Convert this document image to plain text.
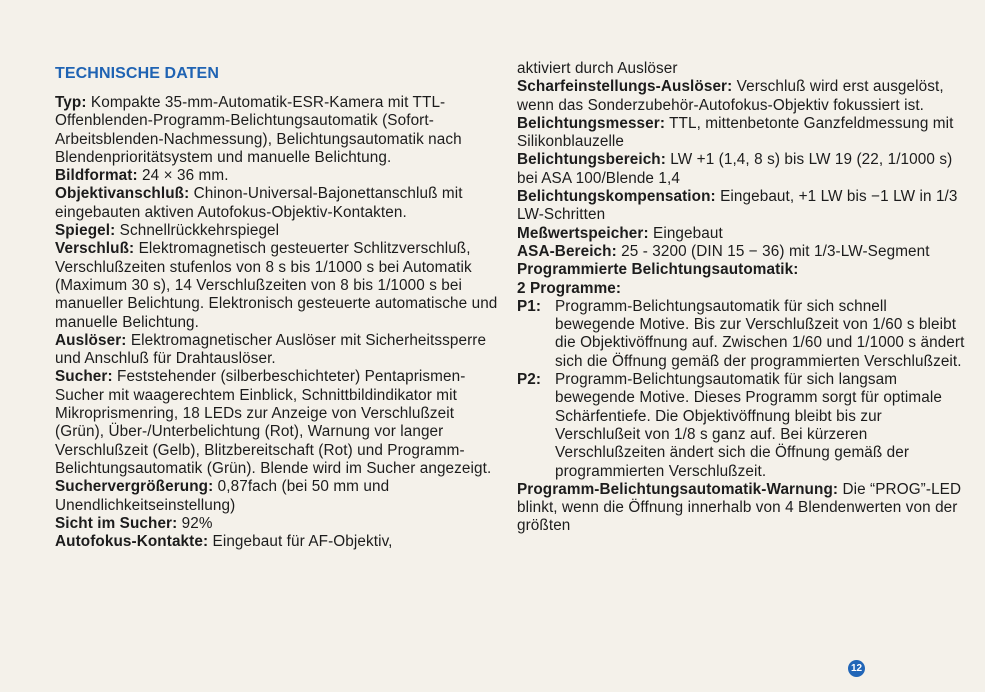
TECHNISCHE DATEN

Typ: Kompakte 35-mm-Automatik-ESR-Kamera mit TTL-Offenblenden-Programm-Belichtungsautomatik (Sofort-Arbeitsblenden-Nachmessung), Belichtungsautomatik nach Blendenprioritätsystem und manuelle Belichtung.

Bildformat: 24 × 36 mm.

Objektivanschluß: Chinon-Universal-Bajonettanschluß mit eingebauten aktiven Autofokus-Objektiv-Kontakten.

Spiegel: Schnellrückkehrspiegel

Verschluß: Elektromagnetisch gesteuerter Schlitzverschluß, Verschlußzeiten stufenlos von 8 s bis 1/1000 s bei Automatik (Maximum 30 s), 14 Verschlußzeiten von 8 bis 1/1000 s bei manueller Belichtung. Elektronisch gesteuerte automatische und manuelle Belichtung.

Auslöser: Elektromagnetischer Auslöser mit Sicherheitssperre und Anschluß für Drahtauslöser.

Sucher: Feststehender (silberbeschichteter) Pentaprismen-Sucher mit waagerechtem Einblick, Schnittbildindikator mit Mikroprismenring, 18 LEDs zur Anzeige von Verschlußzeit (Grün), Über-/Unterbelichtung (Rot), Warnung vor langer Verschlußzeit (Gelb), Blitzbereitschaft (Rot) und Programm-Belichtungsautomatik (Grün). Blende wird im Sucher angezeigt.

Suchervergrößerung: 0,87fach (bei 50 mm und Unendlichkeitseinstellung)

Sicht im Sucher: 92%

Autofokus-Kontakte: Eingebaut für AF-Objektiv,

aktiviert durch Auslöser

Scharfeinstellungs-Auslöser: Verschluß wird erst ausgelöst, wenn das Sonderzubehör-Autofokus-Objektiv fokussiert ist.

Belichtungsmesser: TTL, mittenbetonte Ganzfeldmessung mit Silikonblauzelle

Belichtungsbereich: LW +1 (1,4, 8 s) bis LW 19 (22, 1/1000 s) bei ASA 100/Blende 1,4

Belichtungskompensation: Eingebaut, +1 LW bis −1 LW in 1/3 LW-Schritten

Meßwertspeicher: Eingebaut

ASA-Bereich: 25 - 3200 (DIN 15 − 36) mit 1/3-LW-Segment

Programmierte Belichtungsautomatik:

2 Programme:

P1: Programm-Belichtungsautomatik für sich schnell bewegende Motive. Bis zur Verschlußzeit von 1/60 s bleibt die Objektivöffnung auf. Zwischen 1/60 und 1/1000 s ändert sich die Öffnung gemäß der programmierten Verschlußzeit.

P2: Programm-Belichtungsautomatik für sich langsam bewegende Motive. Dieses Programm sorgt für optimale Schärfentiefe. Die Objektivöffnung bleibt bis zur Verschlußeit von 1/8 s ganz auf. Bei kürzeren Verschlußzeiten ändert sich die Öffnung gemäß der programmierten Verschlußzeit.

Programm-Belichtungsautomatik-Warnung: Die “PROG”-LED blinkt, wenn die Öffnung innerhalb von 4 Blendenwerten von der größten

12
